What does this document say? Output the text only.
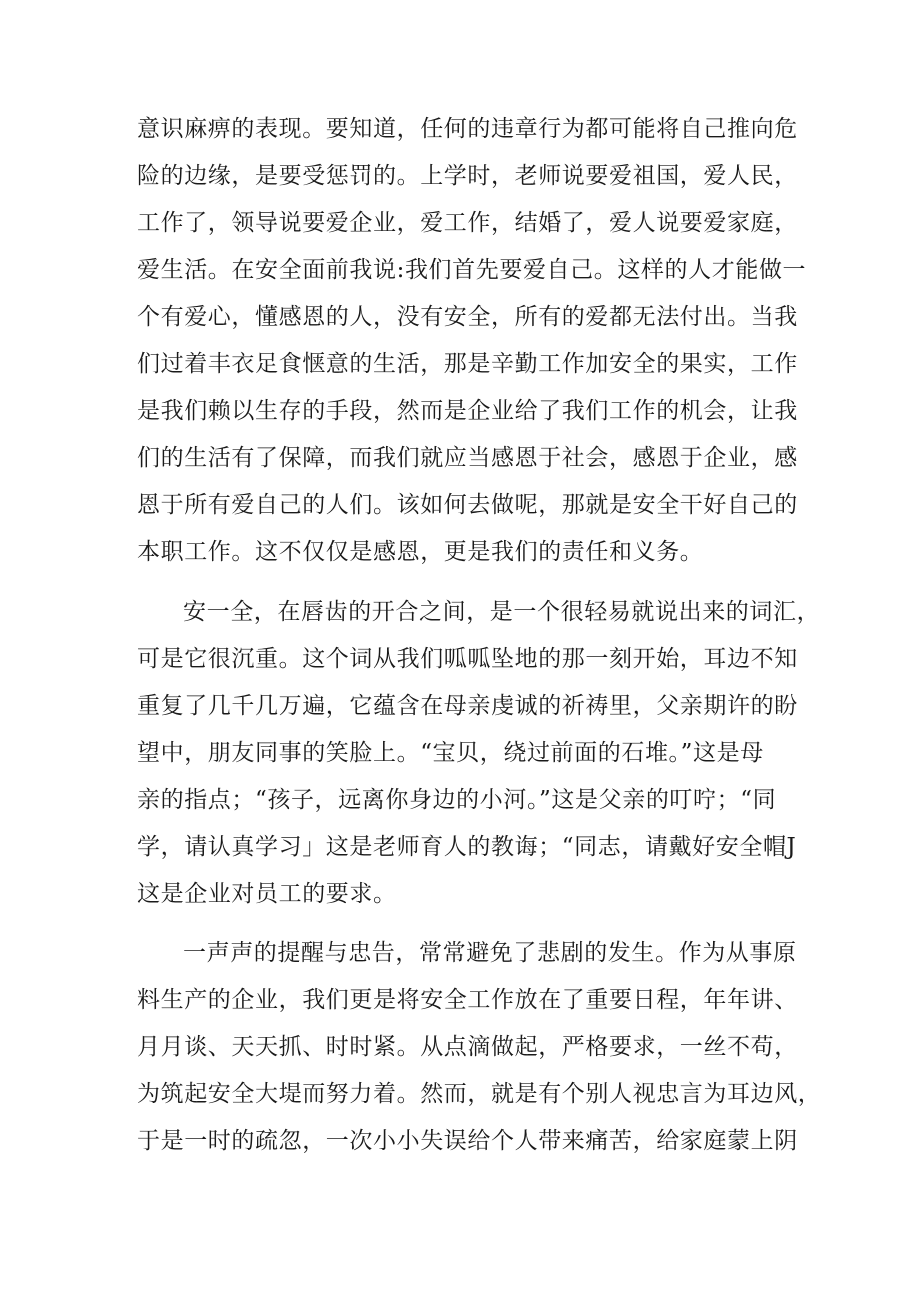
意识麻痹的表现。要知道，任何的违章行为都可能将自己推向危
险的边缘，是要受惩罚的。上学时，老师说要爱祖国，爱人民，
工作了，领导说要爱企业，爱工作，结婚了，爱人说要爱家庭，
爱生活。在安全面前我说:我们首先要爱自己。这样的人才能做一
个有爱心，懂感恩的人，没有安全，所有的爱都无法付出。当我
们过着丰衣足食惬意的生活，那是辛勤工作加安全的果实，工作
是我们赖以生存的手段，然而是企业给了我们工作的机会，让我
们的生活有了保障，而我们就应当感恩于社会，感恩于企业，感
恩于所有爱自己的人们。该如何去做呢，那就是安全干好自己的
本职工作。这不仅仅是感恩，更是我们的责任和义务。
安一全，在唇齿的开合之间，是一个很轻易就说出来的词汇，
可是它很沉重。这个词从我们呱呱坠地的那一刻开始，耳边不知
重复了几千几万遍，它蕴含在母亲虔诚的祈祷里，父亲期许的盼
望中，朋友同事的笑脸上。“宝贝，绕过前面的石堆。”这是母
亲的指点；“孩子，远离你身边的小河。”这是父亲的叮咛；“同
学，请认真学习」这是老师育人的教诲；“同志，请戴好安全帽J
这是企业对员工的要求。
一声声的提醒与忠告，常常避免了悲剧的发生。作为从事原
料生产的企业，我们更是将安全工作放在了重要日程，年年讲、
月月谈、天天抓、时时紧。从点滴做起，严格要求，一丝不苟，
为筑起安全大堤而努力着。然而，就是有个别人视忠言为耳边风，
于是一时的疏忽，一次小小失误给个人带来痛苦，给家庭蒙上阴
